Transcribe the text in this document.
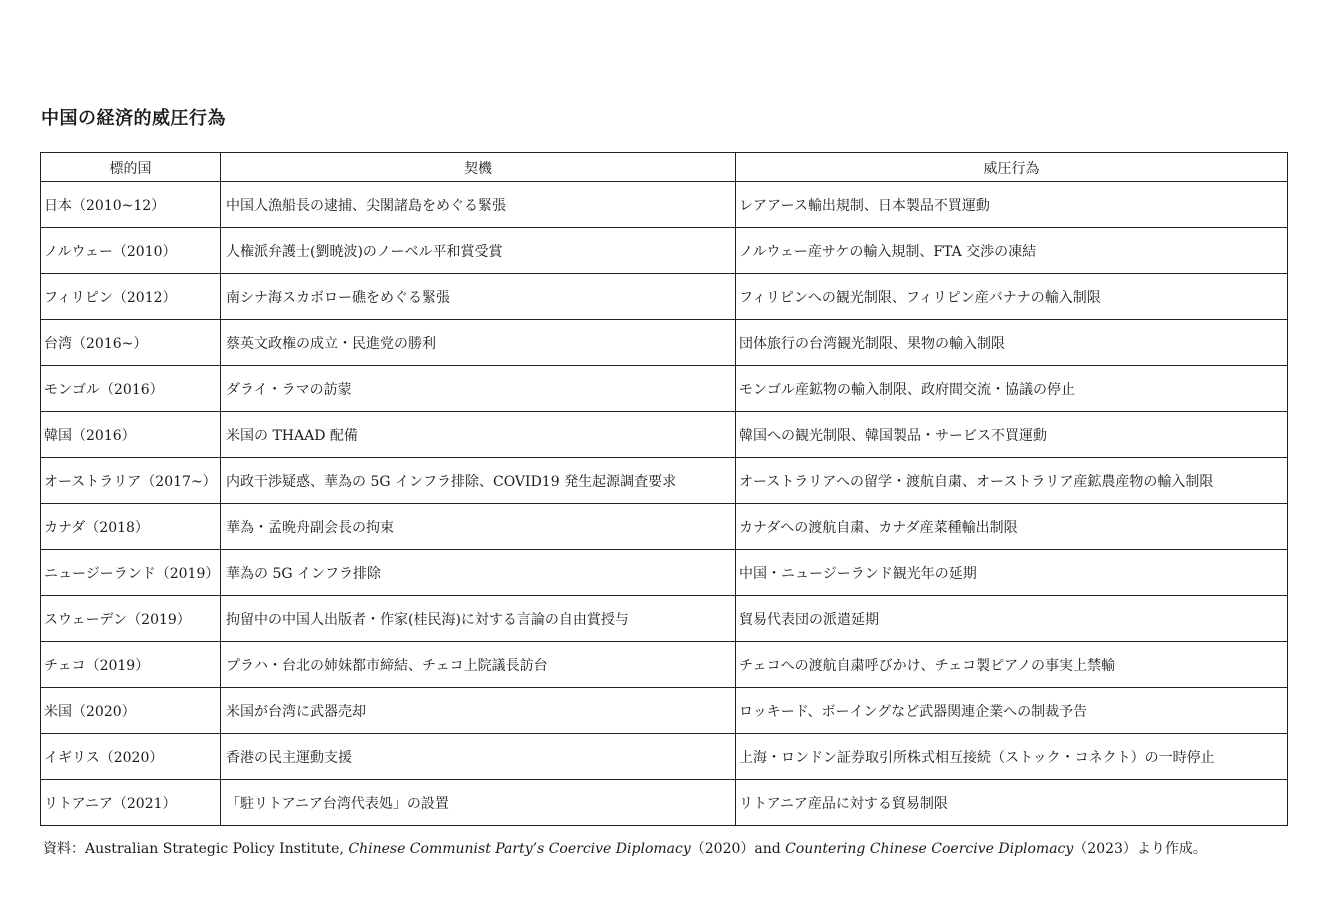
中国の経済的威圧行為
標的国	契機	威圧行為
日本（2010~12）	中国人漁船長の逮捕、尖閣諸島をめぐる緊張	レアアース輸出規制、日本製品不買運動
ノルウェー（2010）	人権派弁護士(劉暁波)のノーベル平和賞受賞	ノルウェー産サケの輸入規制、FTA 交渉の凍結
フィリピン（2012）	南シナ海スカボロー礁をめぐる緊張	フィリピンへの観光制限、フィリピン産バナナの輸入制限
台湾（2016~）	蔡英文政権の成立・民進党の勝利	団体旅行の台湾観光制限、果物の輸入制限
モンゴル（2016）	ダライ・ラマの訪蒙	モンゴル産鉱物の輸入制限、政府間交流・協議の停止
韓国（2016）	米国の THAAD 配備	韓国への観光制限、韓国製品・サービス不買運動
オーストラリア（2017~）	内政干渉疑惑、華為の 5G インフラ排除、COVID19 発生起源調査要求	オーストラリアへの留学・渡航自粛、オーストラリア産鉱農産物の輸入制限
カナダ（2018）	華為・孟晩舟副会長の拘束	カナダへの渡航自粛、カナダ産菜種輸出制限
ニュージーランド（2019）	華為の 5G インフラ排除	中国・ニュージーランド観光年の延期
スウェーデン（2019）	拘留中の中国人出版者・作家(桂民海)に対する言論の自由賞授与	貿易代表団の派遣延期
チェコ（2019）	プラハ・台北の姉妹都市締結、チェコ上院議長訪台	チェコへの渡航自粛呼びかけ、チェコ製ピアノの事実上禁輸
米国（2020）	米国が台湾に武器売却	ロッキード、ボーイングなど武器関連企業への制裁予告
イギリス（2020）	香港の民主運動支援	上海・ロンドン証券取引所株式相互接続（ストック・コネクト）の一時停止
リトアニア（2021）	「駐リトアニア台湾代表処」の設置	リトアニア産品に対する貿易制限
資料：Australian Strategic Policy Institute, Chinese Communist Party’s Coercive Diplomacy（2020）and Countering Chinese Coercive Diplomacy（2023）より作成。
